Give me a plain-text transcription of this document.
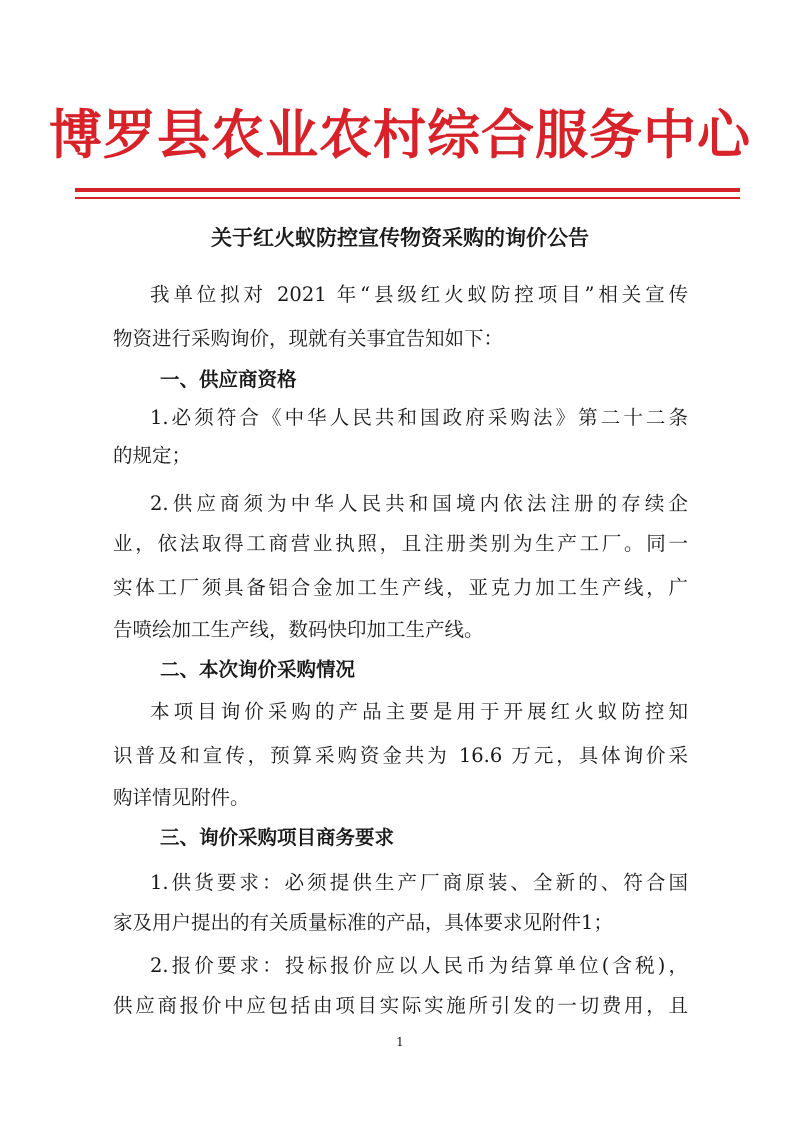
博罗县农业农村综合服务中心
关于红火蚁防控宣传物资采购的询价公告
我单位拟对 2021 年“县级红火蚁防控项目”相关宣传
物资进行采购询价，现就有关事宜告知如下：
一、供应商资格
1.必须符合《中华人民共和国政府采购法》第二十二条
的规定；
2.供应商须为中华人民共和国境内依法注册的存续企
业，依法取得工商营业执照，且注册类别为生产工厂。同一
实体工厂须具备铝合金加工生产线，亚克力加工生产线，广
告喷绘加工生产线，数码快印加工生产线。
二、本次询价采购情况
本项目询价采购的产品主要是用于开展红火蚁防控知
识普及和宣传，预算采购资金共为 16.6 万元，具体询价采
购详情见附件。
三、询价采购项目商务要求
1.供货要求：必须提供生产厂商原装、全新的、符合国
家及用户提出的有关质量标准的产品，具体要求见附件1；
2.报价要求：投标报价应以人民币为结算单位(含税)，
供应商报价中应包括由项目实际实施所引发的一切费用，且
1
